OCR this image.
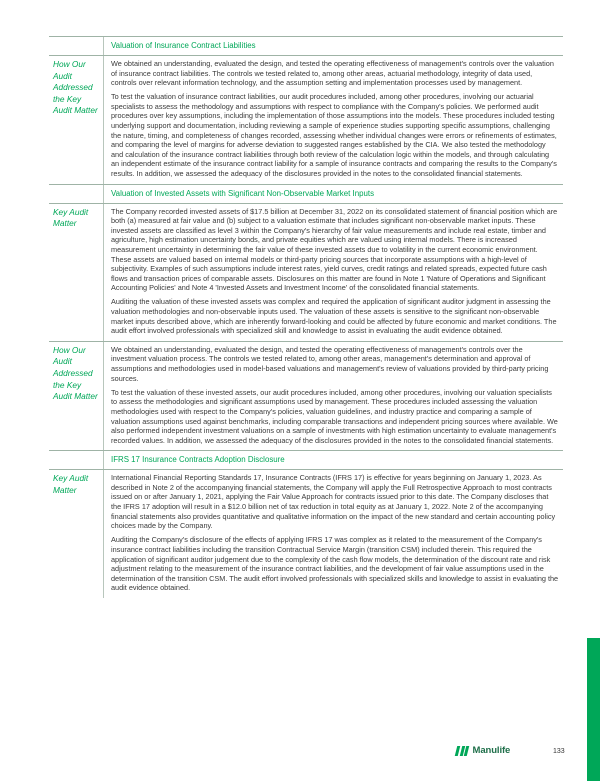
Valuation of Insurance Contract Liabilities
How Our Audit Addressed the Key Audit Matter

We obtained an understanding, evaluated the design, and tested the operating effectiveness of management's controls over the valuation of insurance contract liabilities. The controls we tested related to, among other areas, actuarial methodology, integrity of data used, controls over relevant information technology, and the assumption setting and implementation processes used by management.

To test the valuation of insurance contract liabilities, our audit procedures included, among other procedures, involving our actuarial specialists to assess the methodology and assumptions with respect to compliance with the Company's policies. We performed audit procedures over key assumptions, including the implementation of those assumptions into the models. These procedures included testing underlying support and documentation, including reviewing a sample of experience studies supporting specific assumptions, challenging the nature, timing, and completeness of changes recorded, assessing whether individual changes were errors or refinements of estimates, and comparing the level of margins for adverse deviation to suggested ranges established by the CIA. We also tested the methodology and calculation of the insurance contract liabilities through both review of the calculation logic within the models, and through calculating an independent estimate of the insurance contract liability for a sample of insurance contracts and comparing the results to the Company's results. In addition, we assessed the adequacy of the disclosures provided in the notes to the consolidated financial statements.

Valuation of Invested Assets with Significant Non-Observable Market Inputs
Key Audit Matter

The Company recorded invested assets of $17.5 billion at December 31, 2022 on its consolidated statement of financial position which are both (a) measured at fair value and (b) subject to a valuation estimate that includes significant non-observable market inputs. These invested assets are classified as level 3 within the Company's hierarchy of fair value measurements and include real estate, timber and agriculture, high estimation uncertainty bonds, and private equities which are valued using internal models. There is increased measurement uncertainty in determining the fair value of these invested assets due to volatility in the current economic environment. These assets are valued based on internal models or third-party pricing sources that incorporate assumptions with a high-level of subjectivity. Examples of such assumptions include interest rates, yield curves, credit ratings and related spreads, expected future cash flows and transaction prices of comparable assets. Disclosures on this matter are found in Note 1 'Nature of Operations and Significant Accounting Policies' and Note 4 'Invested Assets and Investment Income' of the consolidated financial statements.

Auditing the valuation of these invested assets was complex and required the application of significant auditor judgment in assessing the valuation methodologies and non-observable inputs used. The valuation of these assets is sensitive to the significant non-observable market inputs described above, which are inherently forward-looking and could be affected by future economic and market conditions. The audit effort involved professionals with specialized skill and knowledge to assist in evaluating the audit evidence obtained.

How Our Audit Addressed the Key Audit Matter

We obtained an understanding, evaluated the design, and tested the operating effectiveness of management's controls over the investment valuation process. The controls we tested related to, among other areas, management's determination and approval of assumptions and methodologies used in model-based valuations and management's review of valuations provided by third-party pricing sources.

To test the valuation of these invested assets, our audit procedures included, among other procedures, involving our valuation specialists to assess the methodologies and significant assumptions used by management. These procedures included assessing the valuation methodologies used with respect to the Company's policies, valuation guidelines, and industry practice and comparing a sample of valuation assumptions used against benchmarks, including comparable transactions and independent pricing sources where available. We also performed independent investment valuations on a sample of investments with high estimation uncertainty to evaluate management's recorded values. In addition, we assessed the adequacy of the disclosures provided in the notes to the consolidated financial statements.

IFRS 17 Insurance Contracts Adoption Disclosure
Key Audit Matter

International Financial Reporting Standards 17, Insurance Contracts (IFRS 17) is effective for years beginning on January 1, 2023. As described in Note 2 of the accompanying financial statements, the Company will apply the Full Retrospective Approach to most contracts issued on or after January 1, 2021, applying the Fair Value Approach for contracts issued prior to this date. The Company discloses that the IFRS 17 adoption will result in a $12.0 billion net of tax reduction in total equity as at January 1, 2022. Note 2 of the accompanying financial statements also provides quantitative and qualitative information on the impact of the new standard and certain accounting policy choices made by the Company.

Auditing the Company's disclosure of the effects of applying IFRS 17 was complex as it related to the measurement of the Company's insurance contract liabilities including the transition Contractual Service Margin (transition CSM) included therein. This required the application of significant auditor judgement due to the complexity of the cash flow models, the determination of the discount rate and risk adjustment relating to the measurement of the insurance contract liabilities, and the development of fair value assumptions used in the determination of the transition CSM. The audit effort involved professionals with specialized skills and knowledge to assist in evaluating the audit evidence obtained.

Manulife	133
